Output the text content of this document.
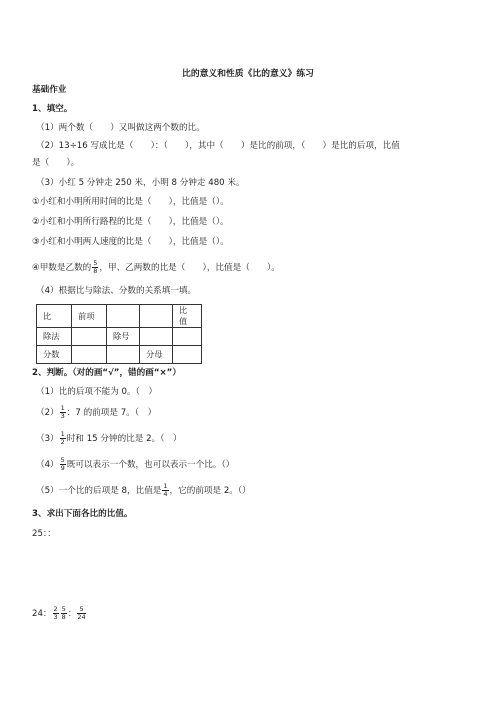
比的意义和性质《比的意义》练习
基础作业
1、填空。
（1）两个数（　　）又叫做这两个数的比。
（2）13÷16 写成比是（　　）：（　　），其中（　　）是比的前项，（　　）是比的后项，比值
是（　　）。
（3）小红 5 分钟走 250 米，小明 8 分钟走 480 米。
①小红和小明所用时间的比是（　　），比值是（）。
②小红和小明所行路程的比是（　　），比值是（）。
③小红和小明两人速度的比是（　　），比值是（）。
④甲数是乙数的 $\frac{5}{8}$ ，甲、乙两数的比是（　　），比值是（　　）。
（4）根据比与除法、分数的关系填一填。
比	前项			比值
除法		除号		
分数			分母	
2、判断。（对的画“√”，错的画“×”）
（1）比的后项不能为 0。（　）
$(2) \frac{1}{3}$ ：7 的前项是 7。（　）
$(3) \frac{1}{2}$ 时和 15 分钟的比是 2。（　）
$(4) \frac{5}{9}$ 既可以表示一个数，也可以表示一个比。（）
（5）一个比的后项是 8，比值是 $\frac{1}{4}$ ，它的前项是 2。（）
3、求出下面各比的比值。
25：：
24： $\frac{2}{3} \frac{5}{8}$ ： $\frac{5}{24}$
